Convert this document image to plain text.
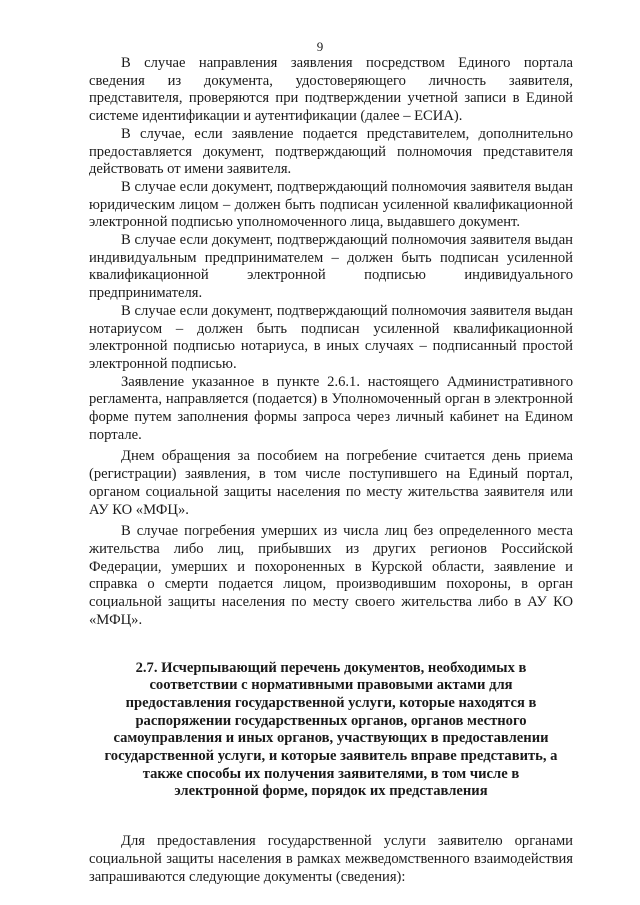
9

В случае направления заявления посредством Единого портала сведения из документа, удостоверяющего личность заявителя, представителя, проверяются при подтверждении учетной записи в Единой системе идентификации и аутентификации (далее – ЕСИА).

В случае, если заявление подается представителем, дополнительно предоставляется документ, подтверждающий полномочия представителя действовать от имени заявителя.

В случае если документ, подтверждающий полномочия заявителя выдан юридическим лицом – должен быть подписан усиленной квалификационной электронной подписью уполномоченного лица, выдавшего документ.

В случае если документ, подтверждающий полномочия заявителя выдан индивидуальным предпринимателем – должен быть подписан усиленной квалификационной электронной подписью индивидуального предпринимателя.

В случае если документ, подтверждающий полномочия заявителя выдан нотариусом – должен быть подписан усиленной квалификационной электронной подписью нотариуса, в иных случаях – подписанный простой электронной подписью.

Заявление указанное в пункте 2.6.1. настоящего Административного регламента, направляется (подается) в Уполномоченный орган в электронной форме путем заполнения формы запроса через личный кабинет на Едином портале.

Днем обращения за пособием на погребение считается день приема (регистрации) заявления, в том числе поступившего на Единый портал, органом социальной защиты населения по месту жительства заявителя или АУ КО «МФЦ».

В случае погребения умерших из числа лиц без определенного места жительства либо лиц, прибывших из других регионов Российской Федерации, умерших и похороненных в Курской области, заявление и справка о смерти подается лицом, производившим похороны, в орган социальной защиты населения по месту своего жительства либо в АУ КО «МФЦ».

2.7. Исчерпывающий перечень документов, необходимых в соответствии с нормативными правовыми актами для предоставления государственной услуги, которые находятся в распоряжении государственных органов, органов местного самоуправления и иных органов, участвующих в предоставлении государственной услуги, и которые заявитель вправе представить, а также способы их получения заявителями, в том числе в электронной форме, порядок их представления

Для предоставления государственной услуги заявителю органами социальной защиты населения в рамках межведомственного взаимодействия запрашиваются следующие документы (сведения):
